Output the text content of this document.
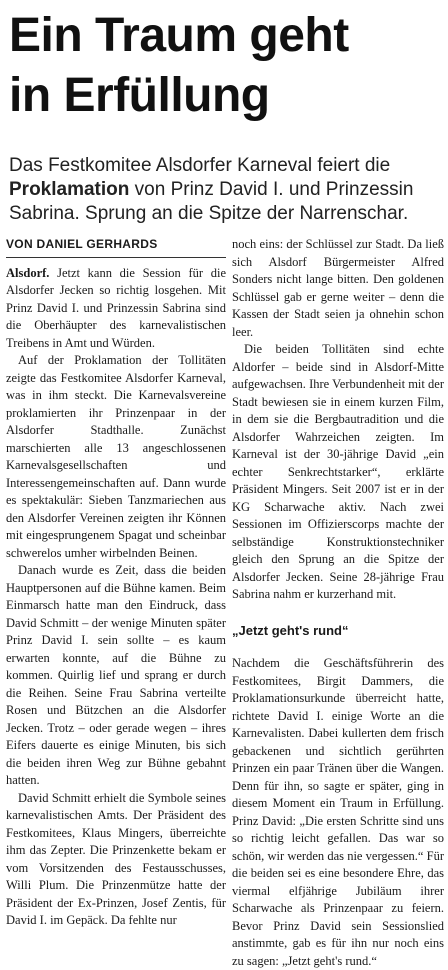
Ein Traum geht
in Erfüllung
Das Festkomitee Alsdorfer Karneval feiert die Proklamation von Prinz David I. und Prinzessin Sabrina. Sprung an die Spitze der Narrenschar.
VON DANIEL GERHARDS

Alsdorf. Jetzt kann die Session für die Alsdorfer Jecken so richtig losgehen. Mit Prinz David I. und Prinzessin Sabrina sind die Oberhäupter des karnevalistischen Treibens in Amt und Würden.

Auf der Proklamation der Tollitäten zeigte das Festkomitee Alsdorfer Karneval, was in ihm steckt. Die Karnevalsvereine proklamierten ihr Prinzenpaar in der Alsdorfer Stadthalle. Zunächst marschierten alle 13 angeschlossenen Karnevalsgesellschaften und Interessengemeinschaften auf. Dann wurde es spektakulär: Sieben Tanzmariechen aus den Alsdorfer Vereinen zeigten ihr Können mit eingesprungenem Spagat und scheinbar schwerelos umher wirbelnden Beinen.

Danach wurde es Zeit, dass die beiden Hauptpersonen auf die Bühne kamen. Beim Einmarsch hatte man den Eindruck, dass David Schmitt – der wenige Minuten später Prinz David I. sein sollte – es kaum erwarten konnte, auf die Bühne zu kommen. Quirlig lief und sprang er durch die Reihen. Seine Frau Sabrina verteilte Rosen und Bützchen an die Alsdorfer Jecken. Trotz – oder gerade wegen – ihres Eifers dauerte es einige Minuten, bis sich die beiden ihren Weg zur Bühne gebahnt hatten.

David Schmitt erhielt die Symbole seines karnevalistischen Amts. Der Präsident des Festkomitees, Klaus Mingers, überreichte ihm das Zepter. Die Prinzenkette bekam er vom Vorsitzenden des Festausschusses, Willi Plum. Die Prinzenmütze hatte der Präsident der Ex-Prinzen, Josef Zentis, für David I. im Gepäck. Da fehlte nur

noch eins: der Schlüssel zur Stadt. Da ließ sich Alsdorf Bürgermeister Alfred Sonders nicht lange bitten. Den goldenen Schlüssel gab er gerne weiter – denn die Kassen der Stadt seien ja ohnehin schon leer.

Die beiden Tollitäten sind echte Aldorfer – beide sind in Alsdorf-Mitte aufgewachsen. Ihre Verbundenheit mit der Stadt bewiesen sie in einem kurzen Film, in dem sie die Bergbautradition und die Alsdorfer Wahrzeichen zeigten. Im Karneval ist der 30-jährige David „ein echter Senkrechtstarker“, erklärte Präsident Mingers. Seit 2007 ist er in der KG Scharwache aktiv. Nach zwei Sessionen im Offizierscorps machte der selbständige Konstruktionstechniker gleich den Sprung an die Spitze der Alsdorfer Jecken. Seine 28-jährige Frau Sabrina nahm er kurzerhand mit.

„Jetzt geht's rund“

Nachdem die Geschäftsführerin des Festkomitees, Birgit Dammers, die Proklamationsurkunde überreicht hatte, richtete David I. einige Worte an die Karnevalisten. Dabei kullerten dem frisch gebackenen und sichtlich gerührten Prinzen ein paar Tränen über die Wangen. Denn für ihn, so sagte er später, ging in diesem Moment ein Traum in Erfüllung. Prinz David: „Die ersten Schritte sind uns so richtig leicht gefallen. Das war so schön, wir werden das nie vergessen.“ Für die beiden sei es eine besondere Ehre, das viermal elfjährige Jubiläum ihrer Scharwache als Prinzenpaar zu feiern. Bevor Prinz David sein Sessionslied anstimmte, gab es für ihn nur noch eins zu sagen: „Jetzt geht's rund.“
